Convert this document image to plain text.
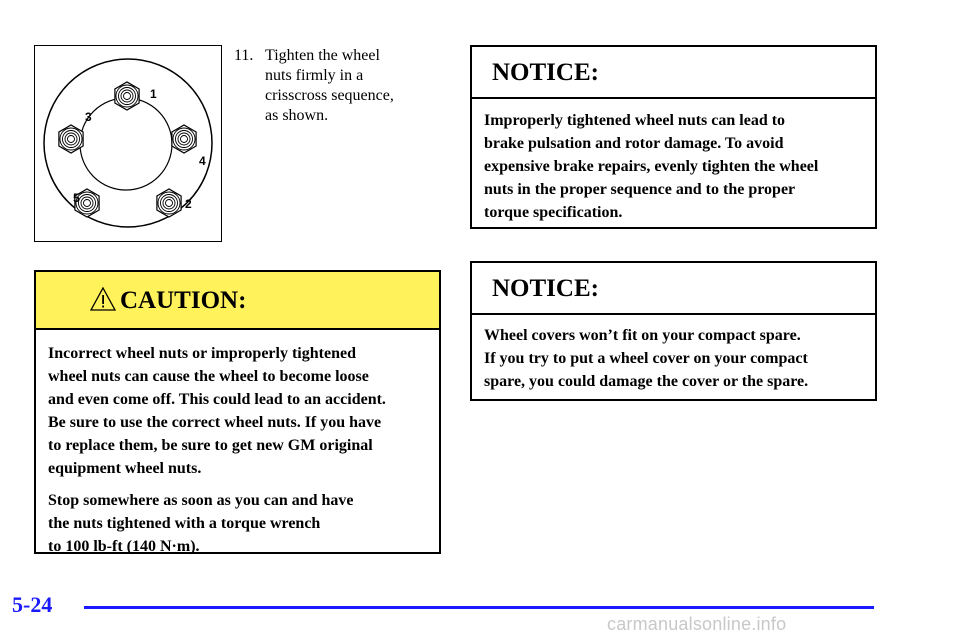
1
3
4
5	2
11. Tighten the wheel
nuts firmly in a
crisscross sequence,
as shown.
CAUTION:

Incorrect wheel nuts or improperly tightened
wheel nuts can cause the wheel to become loose
and even come off. This could lead to an accident.
Be sure to use the correct wheel nuts. If you have
to replace them, be sure to get new GM original
equipment wheel nuts.

Stop somewhere as soon as you can and have
the nuts tightened with a torque wrench
to 100 lb-ft (140 N·m).

NOTICE:

Improperly tightened wheel nuts can lead to
brake pulsation and rotor damage. To avoid
expensive brake repairs, evenly tighten the wheel
nuts in the proper sequence and to the proper
torque specification.

NOTICE:

Wheel covers won’t fit on your compact spare.
If you try to put a wheel cover on your compact
spare, you could damage the cover or the spare.

5-24
carmanualsonline.info
